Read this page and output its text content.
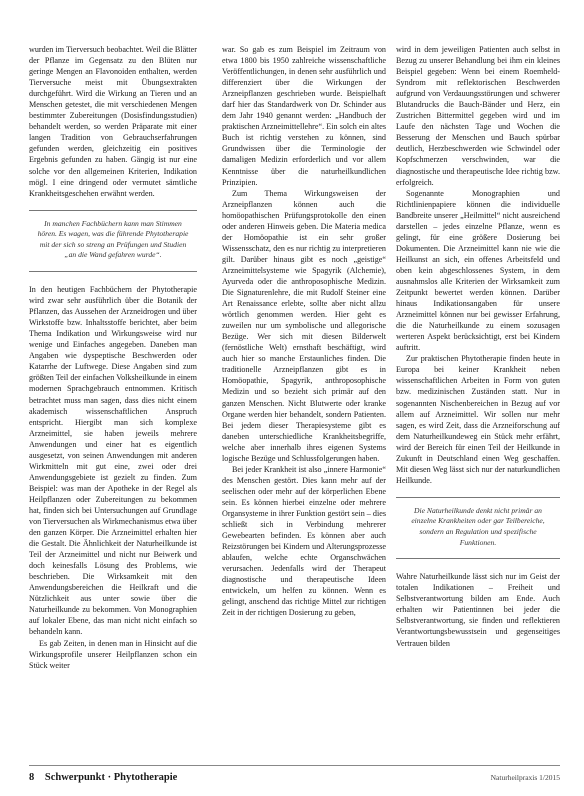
wurden im Tierversuch beobachtet. Weil die Blätter der Pflanze im Gegensatz zu den Blüten nur geringe Mengen an Flavonoiden enthalten, werden Tierversuche meist mit Übungsextrakten durchgeführt. Wird die Wirkung an Tieren und an Menschen getestet, die mit verschiedenen Mengen bestimmter Zubereitungen (Dosisfindungsstudien) behandelt werden, so werden Präparate mit einer langen Tradition von Gebrauchserfahrungen gefunden werden, gleichzeitig ein positives Ergebnis gefunden zu haben. Gängig ist nur eine solche vor den allgemeinen Kriterien, Indikation mögl. I eine dringend oder vermutet sämtliche Krankheitsgeschehen erwähnt werden.

In manchen Fachbüchern kann man Stimmen hören. Es wagen, was die führende Phytotherapie mit der sich so streng an Prüfungen und Studien „an die Wand gefahren wurde“.

In den heutigen Fachbüchern der Phytotherapie wird zwar sehr ausführlich über die Botanik der Pflanzen, das Aussehen der Arzneidrogen und über Wirkstoffe bzw. Inhaltsstoffe berichtet, aber beim Thema Indikation und Wirkungsweise wird nur wenige und Einfaches angegeben. Daneben man Angaben wie dyspeptische Beschwerden oder Katarrhe der Luftwege. Diese Angaben sind zum größten Teil der einfachen Volksheilkunde in einem modernen Sprachgebrauch entnommen. Kritisch betrachtet muss man sagen, dass dies nicht einem akademisch wissenschaftlichen Anspruch entspricht. Hiergibt man sich komplexe Arzneimittel, sie haben jeweils mehrere Anwendungen und einer hat es eigentlich ausgesetzt, von seinen Anwendungen mit anderen Wirkmitteln mit gut eine, zwei oder drei Anwendungsgebiete ist gezielt zu finden. Zum Beispiel: was man der Apotheke in der Regel als Heilpflanzen oder Zubereitungen zu bekommen hat, finden sich bei Untersuchungen auf Grundlage von Tierversuchen als Wirkmechanismus etwa über den ganzen Körper. Die Arzneimittel erhalten hier die Gestalt. Die Ähnlichkeit der Naturheilkunde ist Teil der Arzneimittel und nicht nur Beiwerk und doch keinesfalls Lösung des Problems, wie beschrieben. Die Wirksamkeit mit den Anwendungsbereichen die Heilkraft und die Nützlichkeit aus unter sowie über die Naturheilkunde zu bekommen. Von Monographien auf lokaler Ebene, das man nicht nicht einfach so behandeln kann.

Es gab Zeiten, in denen man in Hinsicht auf die Wirkungsprofile unserer Heilpflanzen schon ein Stück weiter

war. So gab es zum Beispiel im Zeitraum von etwa 1800 bis 1950 zahlreiche wissenschaftliche Veröffentlichungen, in denen sehr ausführlich und differenziert über die Wirkungen der Arzneipflanzen geschrieben wurde. Beispielhaft darf hier das Standardwerk von Dr. Schinder aus dem Jahr 1940 genannt werden: „Handbuch der praktischen Arzneimittellehre“. Ein solch ein altes Buch ist richtig verstehen zu können, sind Grundwissen über die Terminologie der damaligen Medizin erforderlich und vor allem Kenntnisse über die naturheilkundlichen Prinzipien.

Zum Thema Wirkungsweisen der Arzneipflanzen können auch die homöopathischen Prüfungsprotokolle den einen oder anderen Hinweis geben. Die Materia medica der Homöopathie ist ein sehr großer Wissensschatz, den es nur richtig zu interpretieren gilt. Darüber hinaus gibt es noch „geistige“ Arzneimittelsysteme wie Spagyrik (Alchemie), Ayurveda oder die anthroposophische Medizin. Die Signaturenlehre, die mit Rudolf Steiner eine Art Renaissance erlebte, sollte aber nicht allzu wörtlich genommen werden. Hier geht es zuweilen nur um symbolische und allegorische Bezüge. Wer sich mit diesen Bilderwelt (fernöstliche Welt) ernsthaft beschäftigt, wird auch hier so manche Erstaunliches finden. Die traditionelle Arzneipflanzen gibt es in Homöopathie, Spagyrik, anthroposophische Medizin und so bezieht sich primär auf den ganzen Menschen. Nicht Blutwerte oder kranke Organe werden hier behandelt, sondern Patienten. Bei jedem dieser Therapiesysteme gibt es daneben unterschiedliche Krankheitsbegriffe, welche aber innerhalb ihres eigenen Systems logische Bezüge und Schlussfolgerungen haben.

Bei jeder Krankheit ist also „innere Harmonie“ des Menschen gestört. Dies kann mehr auf der seelischen oder mehr auf der körperlichen Ebene sein. Es können hierbei einzelne oder mehrere Organsysteme in ihrer Funktion gestört sein – dies schließt sich in Verbindung mehrerer Gewebearten befinden. Es können aber auch Reizstörungen bei Kindern und Alterungsprozesse ablaufen, welche echte Organschwächen verursachen. Jedenfalls wird der Therapeut diagnostische und therapeutische Ideen entwickeln, um helfen zu können. Wenn es gelingt, anschend das richtige Mittel zur richtigen Zeit in der richtigen Dosierung zu geben,

wird in dem jeweiligen Patienten auch selbst in Bezug zu unserer Behandlung bei ihm ein kleines Beispiel gegeben: Wenn bei einem Roemheld-Syndrom mit reflektorischen Beschwerden aufgrund von Verdauungsstörungen und schwerer Blutandrucks die Bauch-Bänder und Herz, ein Zustrichen Bittermittel gegeben wird und im Laufe den nächsten Tage und Wochen die Besserung der Menschen und Bauch spürbar deutlich, Herzbeschwerden wie Schwindel oder Kopfschmerzen verschwinden, war die diagnostische und therapeutische Idee richtig bzw. erfolgreich.

Sogenannte Monographien und Richtlinienpapiere können die individuelle Bandbreite unserer „Heilmittel“ nicht ausreichend darstellen – jedes einzelne Pflanze, wenn es gelingt, für eine größere Dosierung bei Dokumenten. Die Arzneimittel kann nie wie die Heilkunst an sich, ein offenes Arbeitsfeld und oben kein abgeschlossenes System, in dem ausnahmslos alle Kriterien der Wirksamkeit zum Zeitpunkt bewertet werden können. Darüber hinaus Indikationsangaben für unsere Arzneimittel können nur bei gewisser Erfahrung, die die Naturheilkunde zu einem sozusagen werteren Aspekt berücksichtigt, erst bei Kindern auftritt.

Zur praktischen Phytotherapie finden heute in Europa bei keiner Krankheit neben wissenschaftlichen Arbeiten in Form von guten bzw. medizinischen Zuständen statt. Nur in sogenannten Nischenbereichen in Bezug auf vor allem auf Arzneimittel. Wir sollen nur mehr sagen, es wird Zeit, dass die Arzneiforschung auf dem Naturheilkundeweg ein Stück mehr erfährt, wird der Bereich für einen Teil der Heilkunde in Zukunft in Deutschland einen Weg geschaffen. Mit diesen Weg lässt sich nur der naturkundlichen Heilkunde.

Die Naturheilkunde denkt nicht primär an einzelne Krankheiten oder gar Teilbereiche, sondern an Regulation und spezifische Funktionen.

Wahre Naturheilkunde lässt sich nur im Geist der totalen Indikationen – Freiheit und Selbstverantwortung bilden am Ende. Auch erhalten wir Patientinnen bei jeder die Selbstverantwortung, sie finden und reflektieren Verantwortungsbewusstsein und gegenseitiges Vertrauen bilden

8 Schwerpunkt · Phytotherapie	Naturheilpraxis 1/2015
